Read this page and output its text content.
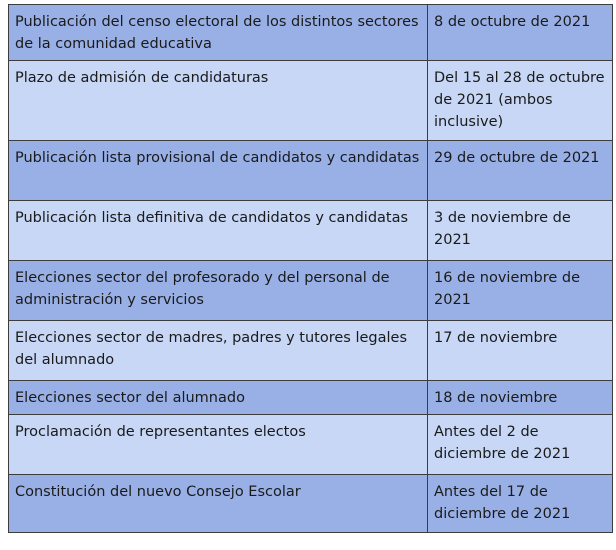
Publicación del censo electoral de los distintos sectores de la comunidad educativa	8 de octubre de 2021
Plazo de admisión de candidaturas	Del 15 al 28 de octubre de 2021 (ambos inclusive)
Publicación lista provisional de candidatos y candidatas	29 de octubre de 2021
Publicación lista definitiva de candidatos y candidatas	3 de noviembre de 2021
Elecciones sector del profesorado y del personal de administración y servicios	16 de noviembre de 2021
Elecciones sector de madres, padres y tutores legales del alumnado	17 de noviembre
Elecciones sector del alumnado	18 de noviembre
Proclamación de representantes electos	Antes del 2 de diciembre de 2021
Constitución del nuevo Consejo Escolar	Antes del 17 de diciembre de 2021
